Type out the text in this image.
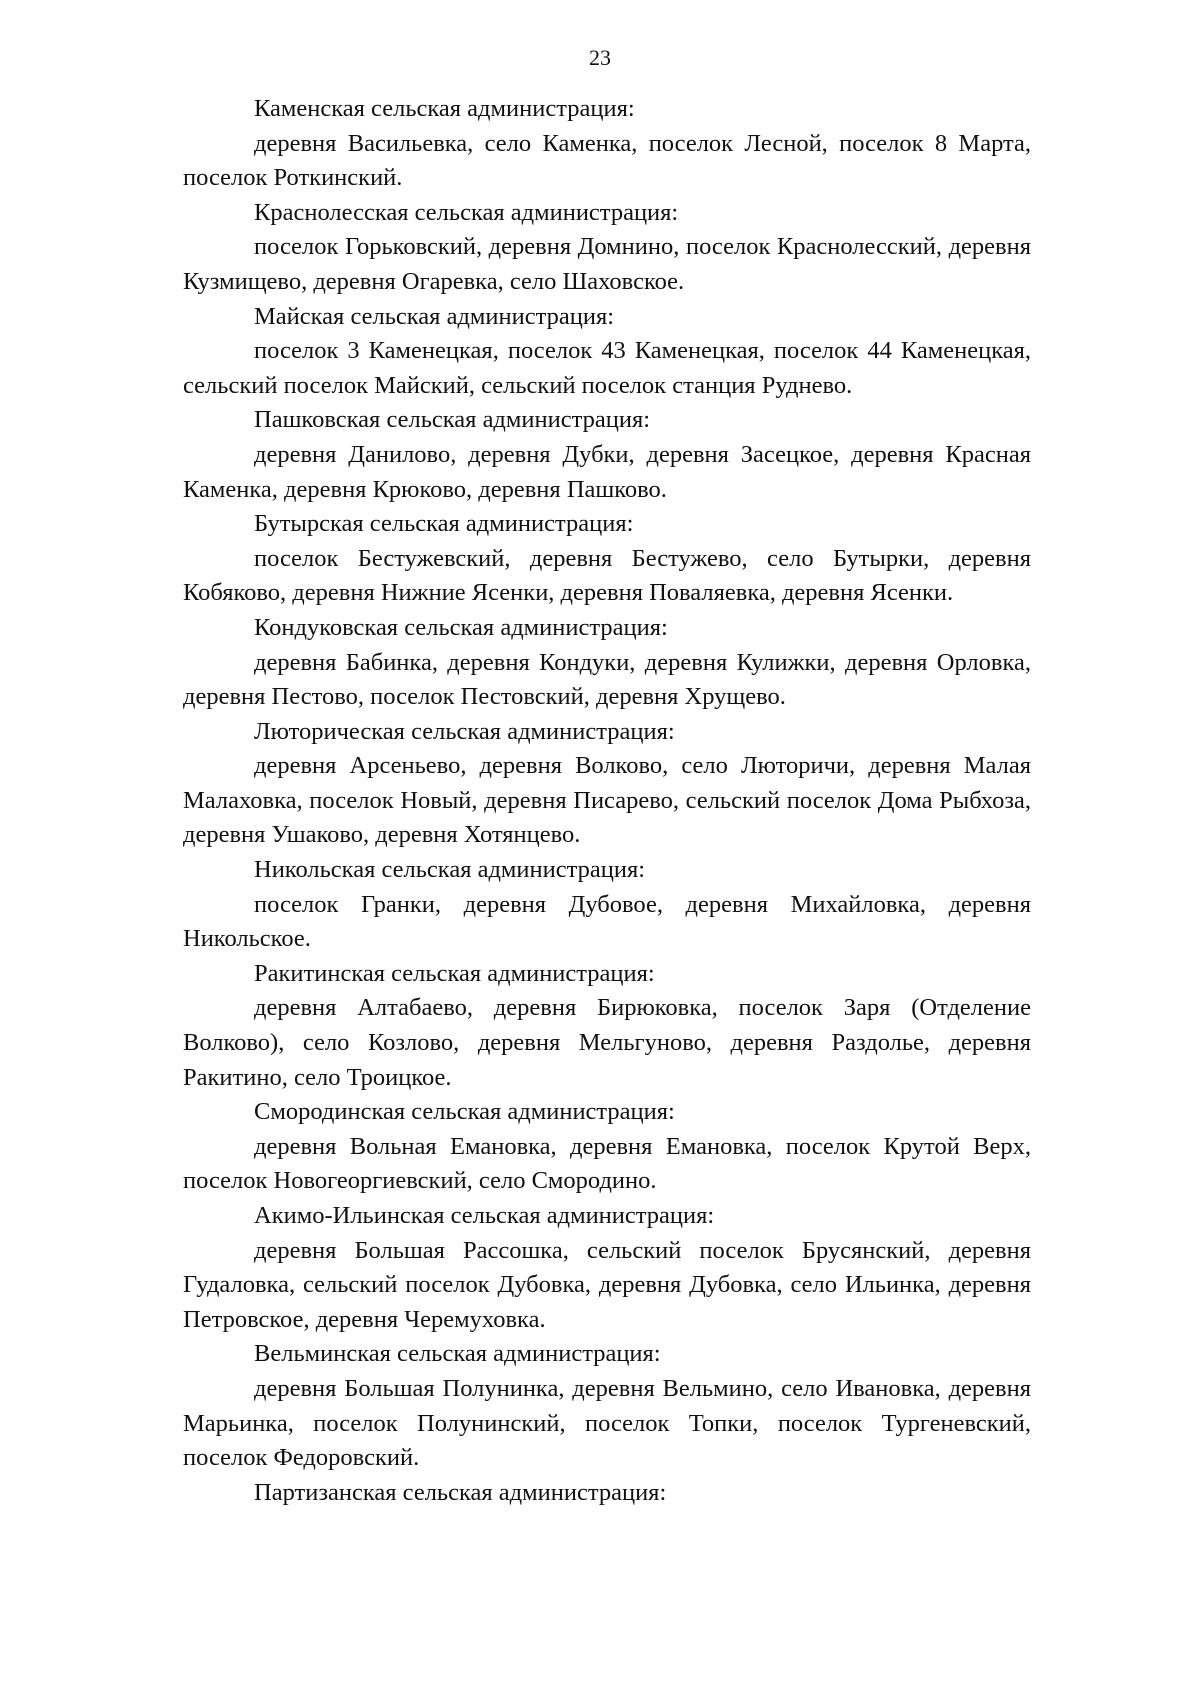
23

Каменская сельская администрация:

деревня Васильевка, село Каменка, поселок Лесной, поселок 8 Марта, поселок Роткинский.

Краснолесская сельская администрация:

поселок Горьковский, деревня Домнино, поселок Краснолесский, деревня Кузмищево, деревня Огаревка, село Шаховское.

Майская сельская администрация:

поселок 3 Каменецкая, поселок 43 Каменецкая, поселок 44 Каменецкая, сельский поселок Майский, сельский поселок станция Руднево.

Пашковская сельская администрация:

деревня Данилово, деревня Дубки, деревня Засецкое, деревня Красная Каменка, деревня Крюково, деревня Пашково.

Бутырская сельская администрация:

поселок Бестужевский, деревня Бестужево, село Бутырки, деревня Кобяково, деревня Нижние Ясенки, деревня Поваляевка, деревня Ясенки.

Кондуковская сельская администрация:

деревня Бабинка, деревня Кондуки, деревня Кулижки, деревня Орловка, деревня Пестово, поселок Пестовский, деревня Хрущево.

Люторическая сельская администрация:

деревня Арсеньево, деревня Волково, село Люторичи, деревня Малая Малаховка, поселок Новый, деревня Писарево, сельский поселок Дома Рыбхоза, деревня Ушаково, деревня Хотянцево.

Никольская сельская администрация:

поселок Гранки, деревня Дубовое, деревня Михайловка, деревня Никольское.

Ракитинская сельская администрация:

деревня Алтабаево, деревня Бирюковка, поселок Заря (Отделение Волково), село Козлово, деревня Мельгуново, деревня Раздолье, деревня Ракитино, село Троицкое.

Смородинская сельская администрация:

деревня Вольная Емановка, деревня Емановка, поселок Крутой Верх, поселок Новогеоргиевский, село Смородино.

Акимо-Ильинская сельская администрация:

деревня Большая Рассошка, сельский поселок Брусянский, деревня Гудаловка, сельский поселок Дубовка, деревня Дубовка, село Ильинка, деревня Петровское, деревня Черемуховка.

Вельминская сельская администрация:

деревня Большая Полунинка, деревня Вельмино, село Ивановка, деревня Марьинка, поселок Полунинский, поселок Топки, поселок Тургеневский, поселок Федоровский.

Партизанская сельская администрация:
